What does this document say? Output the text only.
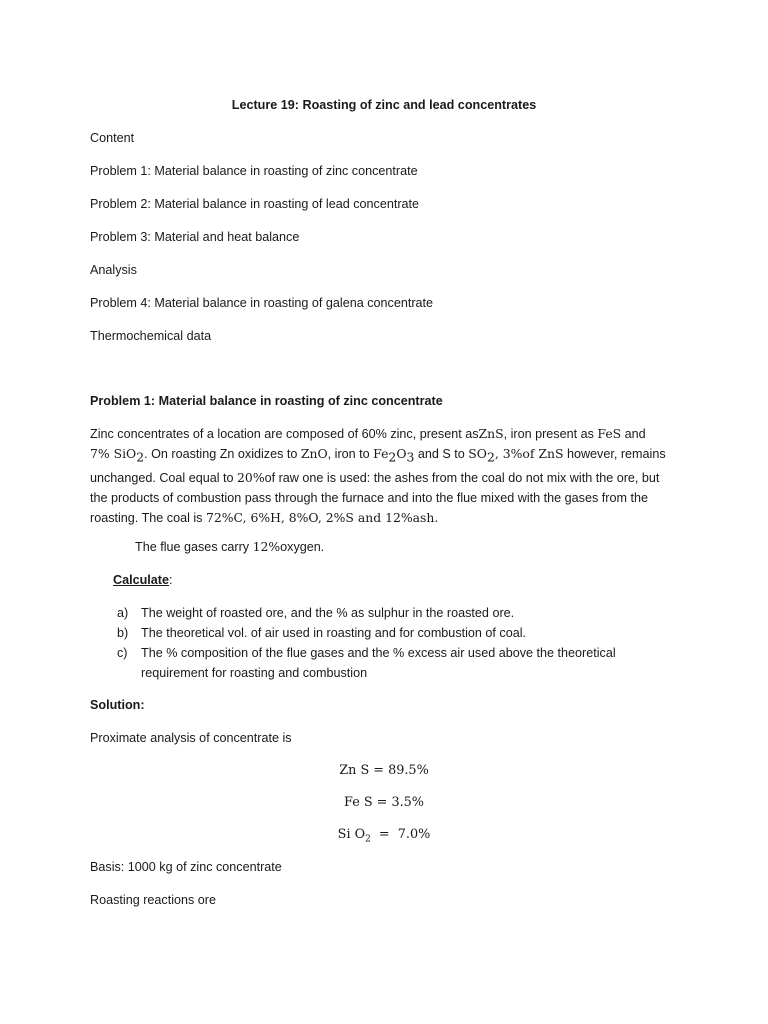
Lecture 19: Roasting of zinc and lead concentrates
Content
Problem 1: Material balance in roasting of zinc concentrate
Problem 2: Material balance in roasting of lead concentrate
Problem 3: Material and heat balance
Analysis
Problem 4: Material balance in roasting of galena concentrate
Thermochemical data
Problem 1: Material balance in roasting of zinc concentrate
Zinc concentrates of a location are composed of 60% zinc, present asZnS, iron present as FeS and
7% SiO$_2$. On roasting Zn oxidizes to ZnO, iron to $Fe_2O_3$ and S to $SO_2$, 3%of ZnS however, remains unchanged. Coal equal to 20%of raw one is used: the ashes from the coal do not mix with the ore, but the products of combustion pass through the furnace and into the flue mixed with the gases from the roasting. The coal is 72%C, 6%H, 8%O, 2%S and 12%ash.
The flue gases carry 12%oxygen.
Calculate:
a) The weight of roasted ore, and the % as sulphur in the roasted ore.
b) The theoretical vol. of air used in roasting and for combustion of coal.
c) The % composition of the flue gases and the % excess air used above the theoretical requirement for roasting and combustion
Solution:
Proximate analysis of concentrate is
Zn S = 89.5%
Fe S = 3.5%
Si $O_2 = 7.0\%$
Basis: 1000 kg of zinc concentrate
Roasting reactions ore
